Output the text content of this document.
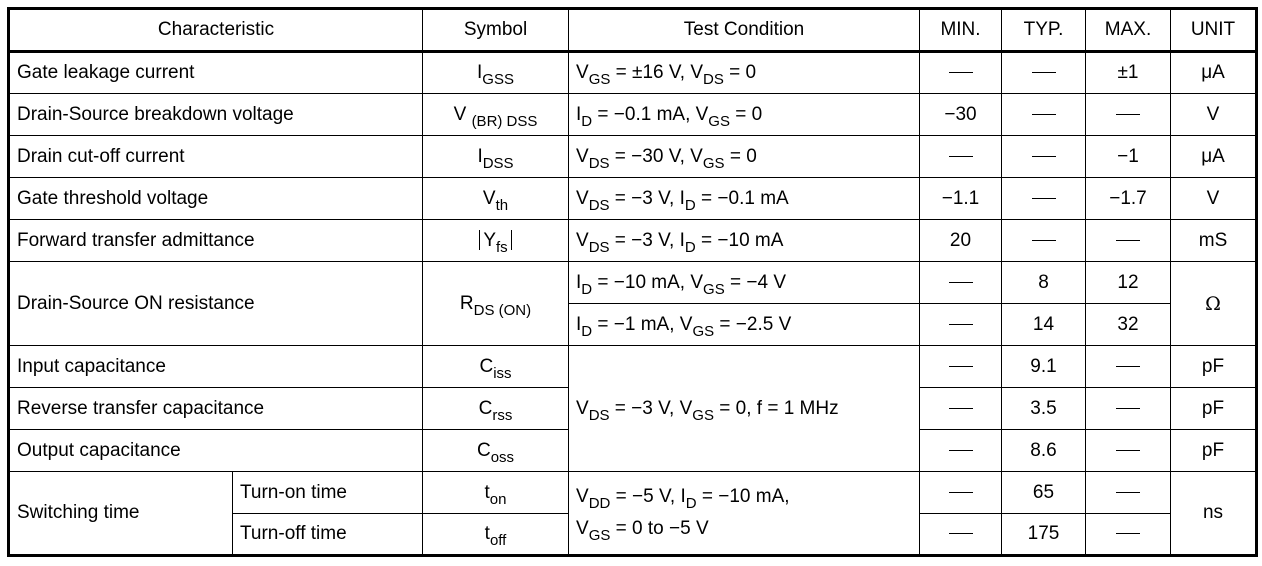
Characteristic		Symbol	Test Condition	MIN.	TYP.	MAX.	UNIT
Gate leakage current		$I_{GSS}$	$V_{GS} = \pm 16$ V, $V_{DS} = 0$			±1	μA
Drain-Source breakdown voltage		V $_{(BR) DSS}$	$I_D = -0.1$ mA, $V_{GS} = 0$	−30			V
Drain cut-off current		$I_{DSS}$	$V_{DS} = -30$ V, $V_{GS} = 0$			−1	μA
Gate threshold voltage		$V_{th}$	$V_{DS} = -3$ V, $I_D = -0.1$ mA	−1.1		−1.7	V
Forward transfer admittance		$Y_{fs}$	$V_{DS} = -3$ V, $I_D = -10$ mA	20			mS
Drain-Source ON resistance		$R_{DS (ON)}$	$I_D = -10$ mA, $V_{GS} = -4$ V		8	12	Ω
			$I_D = -1$ mA, $V_{GS} = -2.5$ V		14	32	
Input capacitance		$C_{iss}$	$V_{DS} = -3$ V, $V_{GS} = 0$, f = 1 MHz		9.1		pF
Reverse transfer capacitance		$C_{rss}$			3.5		pF
Output capacitance		$C_{oss}$			8.6		pF
Switching time	Turn-on time	$t_{on}$	$V_{DD} = -5$ V, $I_D = -10$ mA,
$V_{GS} = 0$ to −5 V		65		ns
	Turn-off time	$t_{off}$			175		
